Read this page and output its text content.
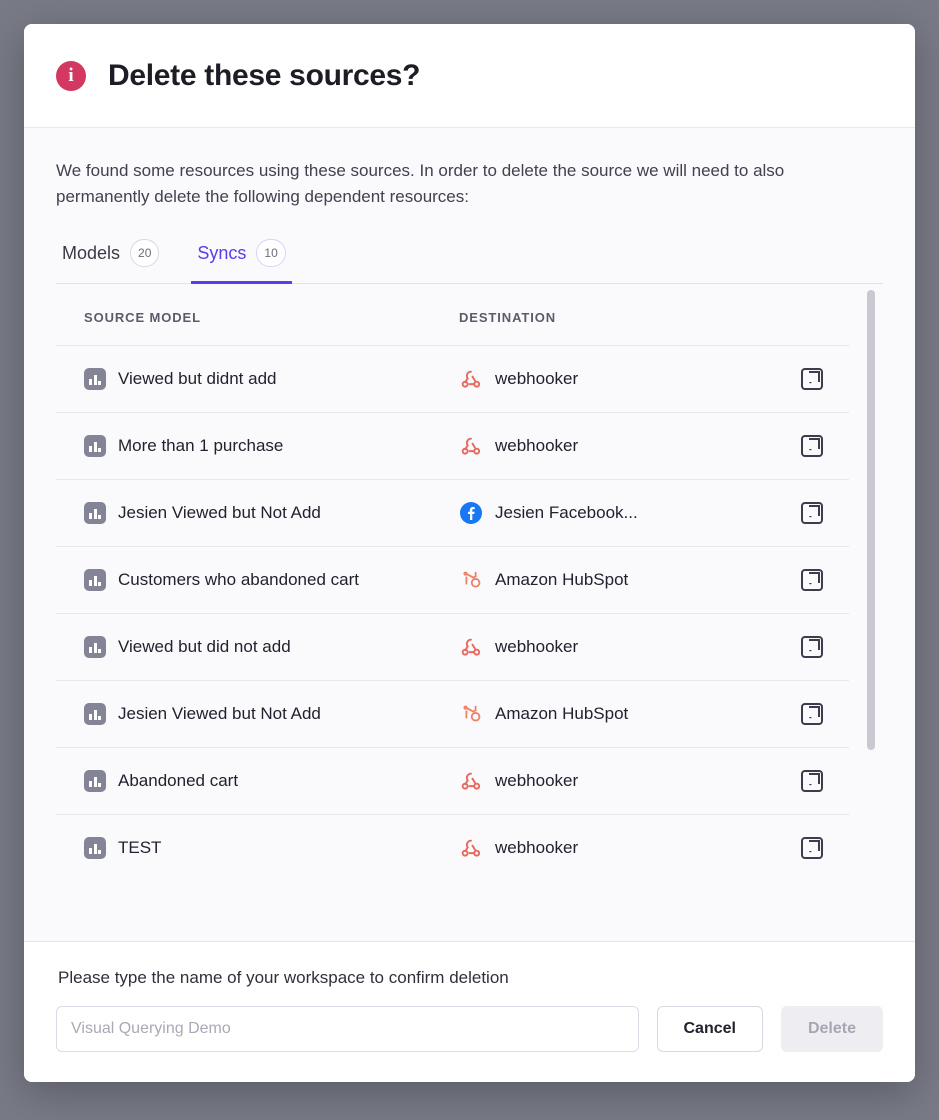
i	Delete these sources?

We found some resources using these sources. In order to delete the source we will need to also permanently delete the following dependent resources:

Models	20	Syncs	10
SOURCE MODEL	DESTINATION	

Viewed but didnt add	webhooker	

More than 1 purchase	webhooker	

Jesien Viewed but Not Add	Jesien Facebook...	

Customers who abandoned cart	Amazon HubSpot	

Viewed but did not add	webhooker	

Jesien Viewed but Not Add	Amazon HubSpot	

Abandoned cart	webhooker	

TEST	webhooker	

Please type the name of your workspace to confirm deletion
Visual Querying Demo
Cancel	Delete
